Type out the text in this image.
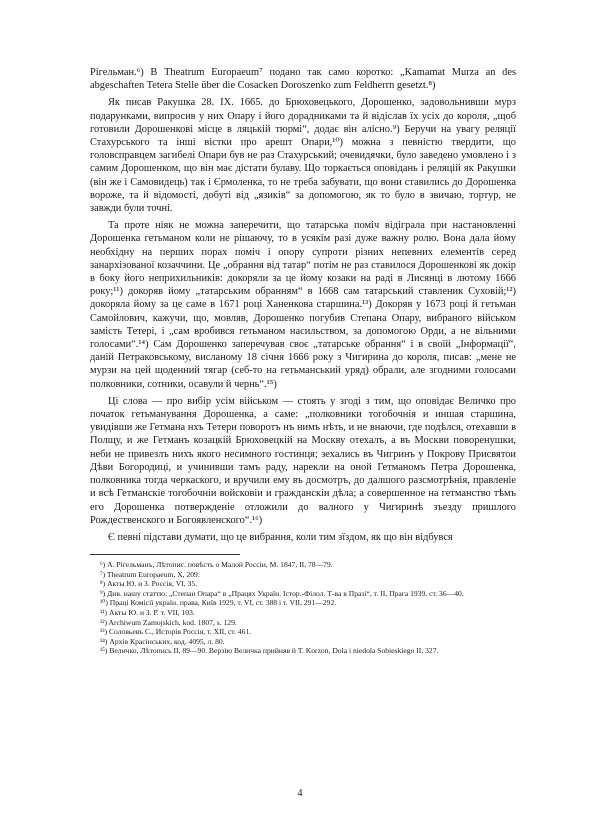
Рігельман.⁶) В Theatrum Europaeum⁷ подано так само коротко: „Kamamat Murza an des abgeschaften Tetera Stelle über die Cosacken Doroszenko zum Feldherrn gesetzt.⁸)

Як писав Ракушка 28. IX. 1665. до Брюховецького, Дорошенко, задовольнивши мурз подарунками, випросив у них Опару і його дорадниками та й відіслав їх усіх до короля, „щоб готовили Дорошенкові місце в ляцькій тюрмі“, додає він алісно.⁹) Беручи на увагу реляції Стахурського та інші вістки про арешт Опари,¹⁰) можна з певністю твердити, що головсправцем загибелі Опари був не раз Стахурський; очевидячки, було заведено умовлено і з самим Дорошенком, що він має дістати булаву. Що торкається оповідань і реляцій як Ракушки (він же і Самовидець) так і Єрмоленка, то не треба забувати, що вони ставились до Дорошенка вороже, та й відомості, добуті від „язиків“ за допомогою, як то було в звичаю, тортур, не завжди були точні.

Та проте ніяк не можна заперечити, що татарська поміч відіграла при настановленні Дорошенка гетьманом коли не рішаючу, то в усякім разі дуже важну ролю. Вона дала йому необхідну на перших порах поміч і опору супроти різних непевних елементів серед занархізованої козаччини. Це „обрання від татар“ потім не раз ставилося Дорошенкові як докір в боку його неприхильників: докоряли за це йому козаки на раді в Лисянці в лютому 1666 року;¹¹) докоряв йому „татарським обранням“ в 1668 сам татарський ставленик Суховій;¹²) докоряла йому за це саме в 1671 році Ханенкова старшина.¹³) Докоряв у 1673 році й гетьман Самойлович, кажучи, що, мовляв, Дорошенко погубив Степана Опару, вибраного військом замість Тетері, і „сам вробився гетьманом насильством, за допомогою Орди, а не вільними голосами“.¹⁴) Сам Дорошенко заперечував своє „татарське обрання“ і в своїй „Інформації“, даній Петраковському, висланому 18 січня 1666 року з Чигирина до короля, писав: „мене не мурзи на цей щоденний тягар (себ-то на гетьманський уряд) обрали, але згодними голосами полковники, сотники, осавули й чернь“.¹⁵)

Ці слова — про вибір усім військом — стоять у згоді з тим, що оповідає Величко про початок гетьманування Дорошенка, а саме: „полковники тогобочнія и иншая старшина, увидівши же Гетмана нхъ Тетери поворотъ нъ нимъ нѣть, и не внаючи, где подѣлся, отехавши в Полщу, и же Гетманъ козацкій Брюховецкій на Москву отехалъ, а въ Москви поворенушки, нeби не привезлъ нихъ якого несимного гостинця; зехались въ Чигринъ у Покрову Присвятои Дѣви Богородиці, и учинивши тамъ раду, нарекли на оной Гетманомъ Петра Дорошенка, полковника тогда черкаского, и вручили ему въ досмотръ, до далшого разсмотрѣнія, правленіе и всѣ Гетманскіе тогобочніи войсковіи и гражданскіи дѣла; а совершенное на гетманство тѣмъ его Дорошенка потвержденіе отложили до валного у Чигиринѣ зъезду пришлого Рождественского и Богоявленского“.¹⁶)

Є певні підстави думати, що це вибрання, коли тим зїздом, як що він відбувся

⁶) А. Рігельманъ, Лѣтопис. повѣсть о Малой Россіи, М. 1847, II, 78—79.

⁷) Theatrum Europaeum, X, 209.

⁸) Акты Ю. и З. Россія, VI, 35.

⁹) Див. нашу статтю: „Степан Опара“ в „Працях Україн. Істор.-Філол. Т-ва в Празі“, т. II, Прага 1939, ст. 36—40.

¹⁰) Праці Комісії україн. права, Київ 1929, т. VI, ст. 388 і т. VII, 291—292.

¹¹) Акты Ю. и З. Р. т. VII, 103.

¹²) Archiwum Zamojskich, kod. 1807, s. 129.

¹³) Соловьевъ С., Исторія Россія, т. XII, ст. 461.

¹⁴) Архів Красінських, код. 4095, л. 80.

¹⁵) Величко, Лѣтопись II, 89—90. Верзію Величка прийняв й T. Korzon, Dola i niedola Sobieskiego II, 327.

4
